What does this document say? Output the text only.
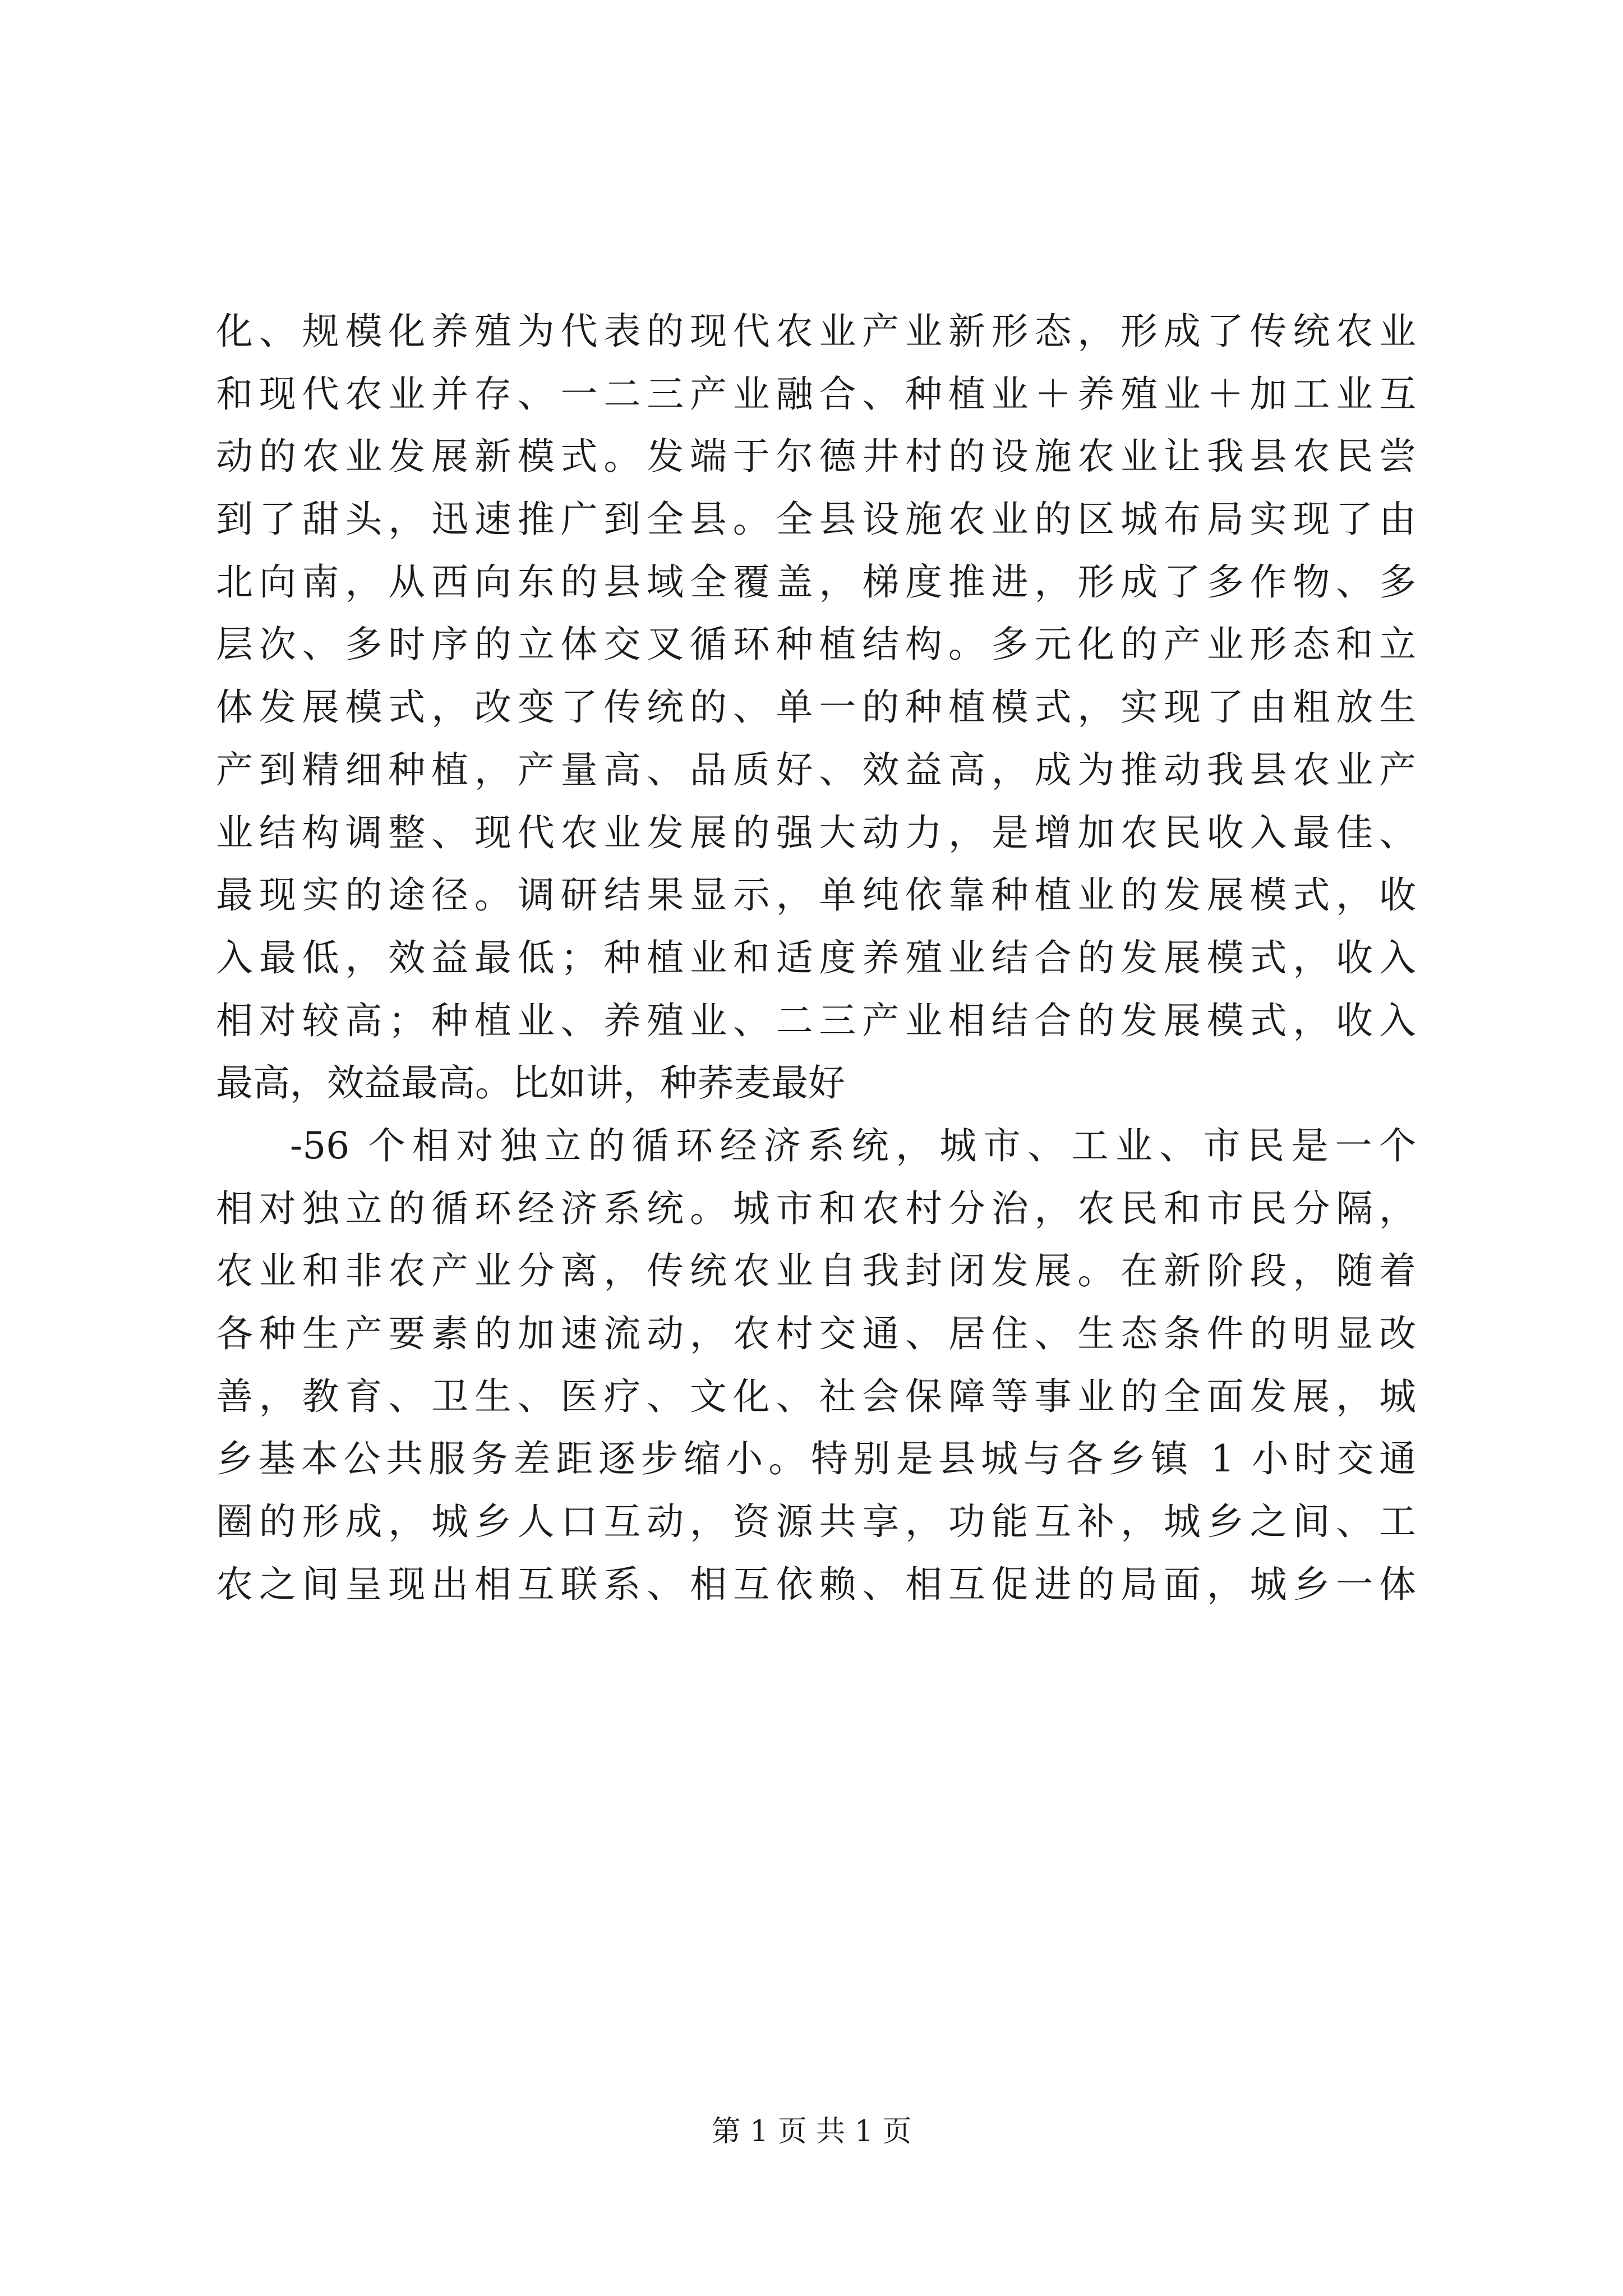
化、规模化养殖为代表的现代农业产业新形态，形成了传统农业
和现代农业并存、一二三产业融合、种植业＋养殖业＋加工业互
动的农业发展新模式。发端于尔德井村的设施农业让我县农民尝
到了甜头，迅速推广到全县。全县设施农业的区城布局实现了由
北向南，从西向东的县域全覆盖，梯度推进，形成了多作物、多
层次、多时序的立体交叉循环种植结构。多元化的产业形态和立
体发展模式，改变了传统的、单一的种植模式，实现了由粗放生
产到精细种植，产量高、品质好、效益高，成为推动我县农业产
业结构调整、现代农业发展的强大动力，是增加农民收入最佳、
最现实的途径。调研结果显示，单纯依靠种植业的发展模式，收
入最低，效益最低；种植业和适度养殖业结合的发展模式，收入
相对较高；种植业、养殖业、二三产业相结合的发展模式，收入
最高，效益最高。比如讲，种荞麦最好
-56 个相对独立的循环经济系统，城市、工业、市民是一个
相对独立的循环经济系统。城市和农村分治，农民和市民分隔，
农业和非农产业分离，传统农业自我封闭发展。在新阶段，随着
各种生产要素的加速流动，农村交通、居住、生态条件的明显改
善，教育、卫生、医疗、文化、社会保障等事业的全面发展，城
乡基本公共服务差距逐步缩小。特别是县城与各乡镇 1 小时交通
圈的形成，城乡人口互动，资源共享，功能互补，城乡之间、工
农之间呈现出相互联系、相互依赖、相互促进的局面，城乡一体
第 1 页 共 1 页
